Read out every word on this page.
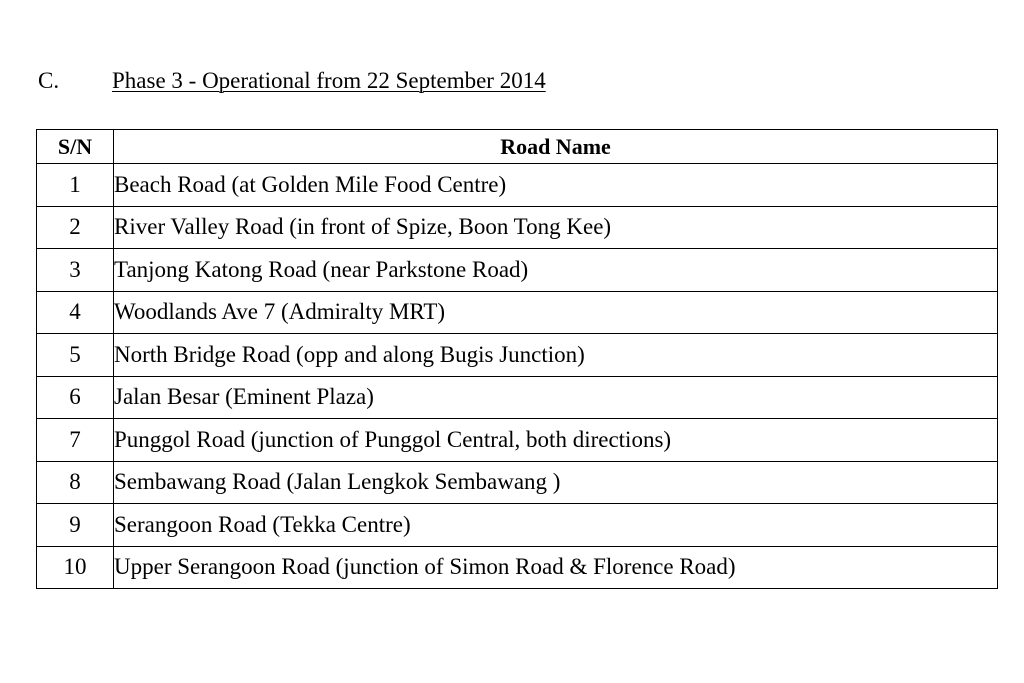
C. Phase 3 - Operational from 22 September 2014
S/N	Road Name
1	Beach Road (at Golden Mile Food Centre)
2	River Valley Road (in front of Spize, Boon Tong Kee)
3	Tanjong Katong Road (near Parkstone Road)
4	Woodlands Ave 7 (Admiralty MRT)
5	North Bridge Road (opp and along Bugis Junction)
6	Jalan Besar (Eminent Plaza)
7	Punggol Road (junction of Punggol Central, both directions)
8	Sembawang Road (Jalan Lengkok Sembawang )
9	Serangoon Road (Tekka Centre)
10	Upper Serangoon Road (junction of Simon Road & Florence Road)
